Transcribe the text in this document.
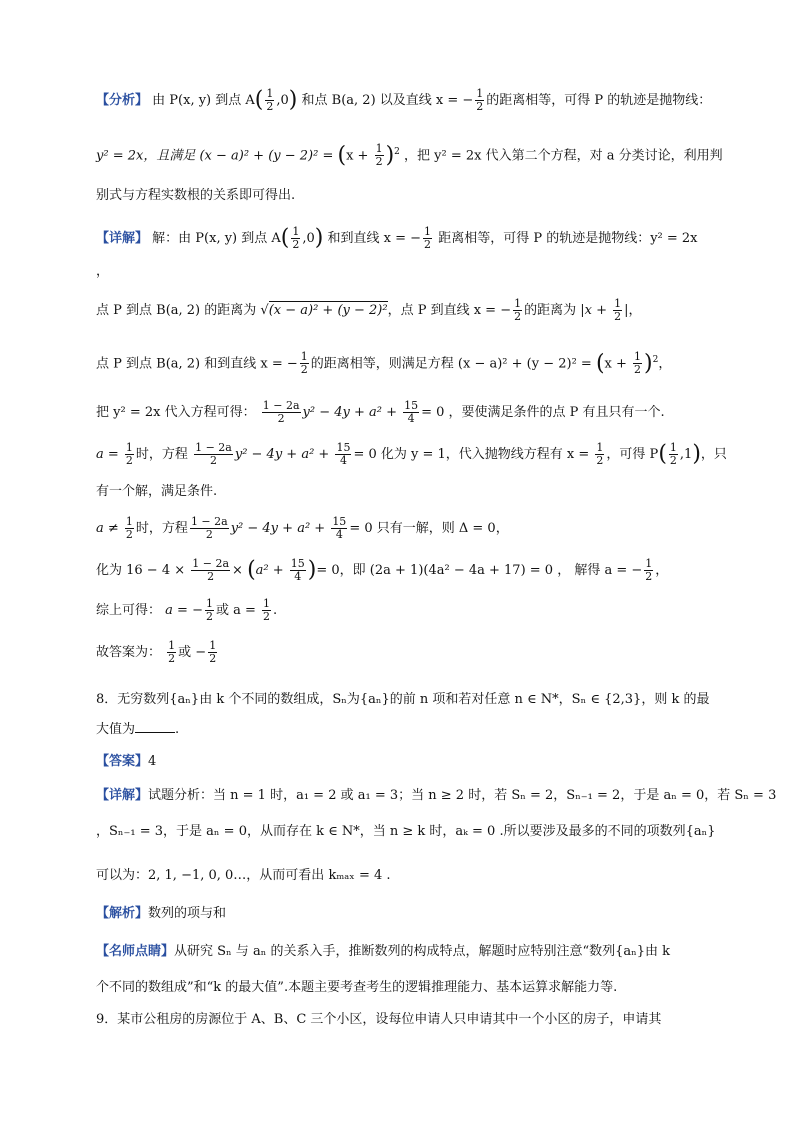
【分析】 由 P(x, y) 到点 $A( \frac{1}{2} ,0)$ 和点 B(a, 2) 以及直线 x = − $\frac{1}{2}$ 的距离相等，可得 P 的轨迹是抛物线：
y² = 2x，且满足 $(x - a)^2 + (y - 2)^2 = (x + \frac{1}{2} )^2$ ，把 y² = 2x 代入第二个方程，对 a 分类讨论，利用判
别式与方程实数根的关系即可得出.
【详解】 解：由 P(x, y) 到点 $A( \frac{1}{2} ,0)$ 和到直线 x = − $\frac{1}{2}$ 距离相等，可得 P 的轨迹是抛物线：y² = 2x
，
点 P 到点 B(a, 2) 的距离为 √(x − a)² + (y − 2)²，点 P 到直线 x = − $\frac{1}{2}$ 的距离为 $|x + \frac{1}{2}$ |，
点 P 到点 B(a, 2) 和到直线 x = − $\frac{1}{2}$ 的距离相等，则满足方程 $(x - a)^2 + (y - 2)^2 = (x + \frac{1}{2} )^2$，
把 y² = 2x 代入方程可得： $\frac{1 - 2a}{2} y^2 - 4y + a^2 + \frac{15}{4} = 0$ ，要使满足条件的点 P 有且只有一个.
$a = \frac{1}{2}$ 时，方程 $\frac{1 - 2a}{2} y^2 - 4y + a^2 + \frac{15}{4} = 0$ 化为 y = 1，代入抛物线方程有 $x = \frac{1}{2}$ ，可得 $P( \frac{1}{2} ,1)$，只
有一个解，满足条件.
$a \ne \frac{1}{2}$ 时，方程 $\frac{1 - 2a}{2} y^2 - 4y + a^2 + \frac{15}{4} = 0$ 只有一解，则 Δ = 0，
化为 $16 - 4 \times \frac{1 - 2a}{2} \times (a^2 + \frac{15}{4}$ )= 0，即 (2a + 1)(4a² − 4a + 17) = 0 ， 解得 a = − $\frac{1}{2}$ ，
综上可得： a = − $\frac{1}{2}$ 或 $a = \frac{1}{2}$ .
故答案为： $\frac{1}{2}$ 或 − $\frac{1}{2}$
8．无穷数列{aₙ}由 k 个不同的数组成，Sₙ为{aₙ}的前 n 项和若对任意 n ∈ N*，Sₙ ∈ {2,3}，则 k 的最
大值为	.
【答案】4
【详解】试题分析：当 n = 1 时，a₁ = 2 或 a₁ = 3；当 n ≥ 2 时，若 Sₙ = 2，Sₙ₋₁ = 2，于是 aₙ = 0，若 Sₙ = 3
，Sₙ₋₁ = 3，于是 aₙ = 0，从而存在 k ∈ N*，当 n ≥ k 时，aₖ = 0 .所以要涉及最多的不同的项数列{aₙ}
可以为：2, 1, −1, 0, 0…，从而可看出 kₘₐₓ = 4 .
【解析】数列的项与和
【名师点睛】从研究 Sₙ 与 aₙ 的关系入手，推断数列的构成特点，解题时应特别注意“数列{aₙ}由 k
个不同的数组成”和“k 的最大值”.本题主要考查考生的逻辑推理能力、基本运算求解能力等.
9．某市公租房的房源位于 A、B、C 三个小区，设每位申请人只申请其中一个小区的房子，申请其
